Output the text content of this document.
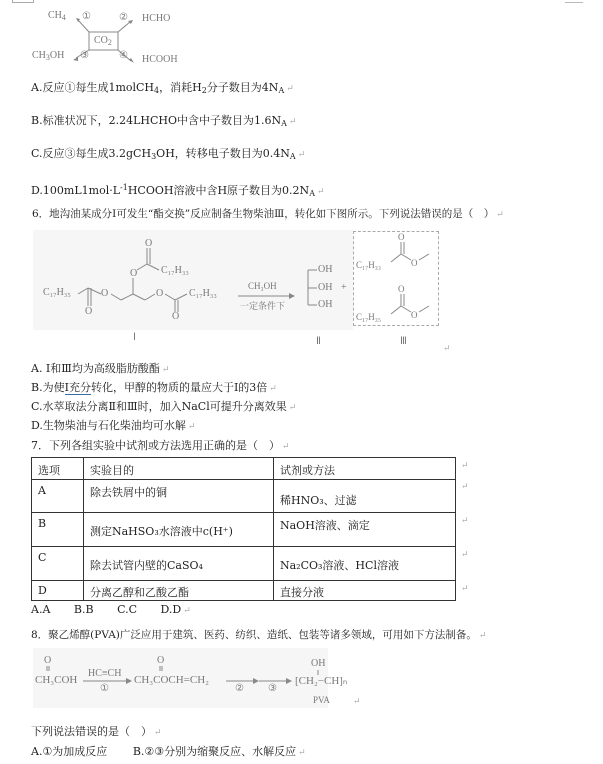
$CO_2$
$CH_4$ ①	② HCHO
$CH_3OH$ ③	④ HCOOH
A.反应①每生成1molCH$_4$，消耗$H_2$分子数目为$4N_A$ ↵
B.标准状况下，2.24LHCHO中含中子数目为$1.6N_A$ ↵
C.反应③每生成3.2gCH$_3$OH，转移电子数目为$0.4N_A$ ↵
$D.100mL1mol\cdot L^{-1}HCOOH$溶液中含H原子数目为$0.2N_A$ ↵
6．地沟油某成分Ⅰ可发生“酯交换”反应制备生物柴油Ⅲ，转化如下图所示。下列说法错误的是（　） ↵
C₁₇H₃₅	O
O
O
O
C₁₇H₃₃
O
O
C₁₇H₃₃
CH₃OH
一定条件下
OH
OH
OH
+
C₁₇H₃₃
O
O
C₁₇H₃₅
O
O
Ⅰ	Ⅱ	Ⅲ
↵
A. Ⅰ和Ⅲ均为高级脂肪酸酯 ↵
B.为使Ⅰ充分转化，甲醇的物质的量应大于Ⅰ的3倍 ↵
C.水萃取法分离Ⅱ和Ⅲ时，加入NaCl可提升分离效果 ↵
D.生物柴油与石化柴油均可水解 ↵
7．下列各组实验中试剂或方法选用正确的是（　） ↵
选项	实验目的	试剂或方法
A	除去铁屑中的铜	稀HNO₃、过滤
B	测定NaHSO₃水溶液中c(H⁺)	NaOH溶液、滴定
C	除去试管内壁的CaSO₄	Na₂CO₃溶液、HCl溶液
D	分离乙醇和乙酸乙酯	直接分液
↵
↵
↵
↵
↵
A.A B.B C.C D.D ↵
8．聚乙烯醇(PVA)广泛应用于建筑、医药、纺织、造纸、包装等诸多领域，可用如下方法制备。 ↵
O
CH₃COH
HC≡CH
①
O
CH₃COCH=CH₂
② ③
OH
[CH₂−CH]ₙ
PVA	↵
下列说法错误的是（　） ↵
A.①为加成反应 B.②③分别为缩聚反应、水解反应 ↵
